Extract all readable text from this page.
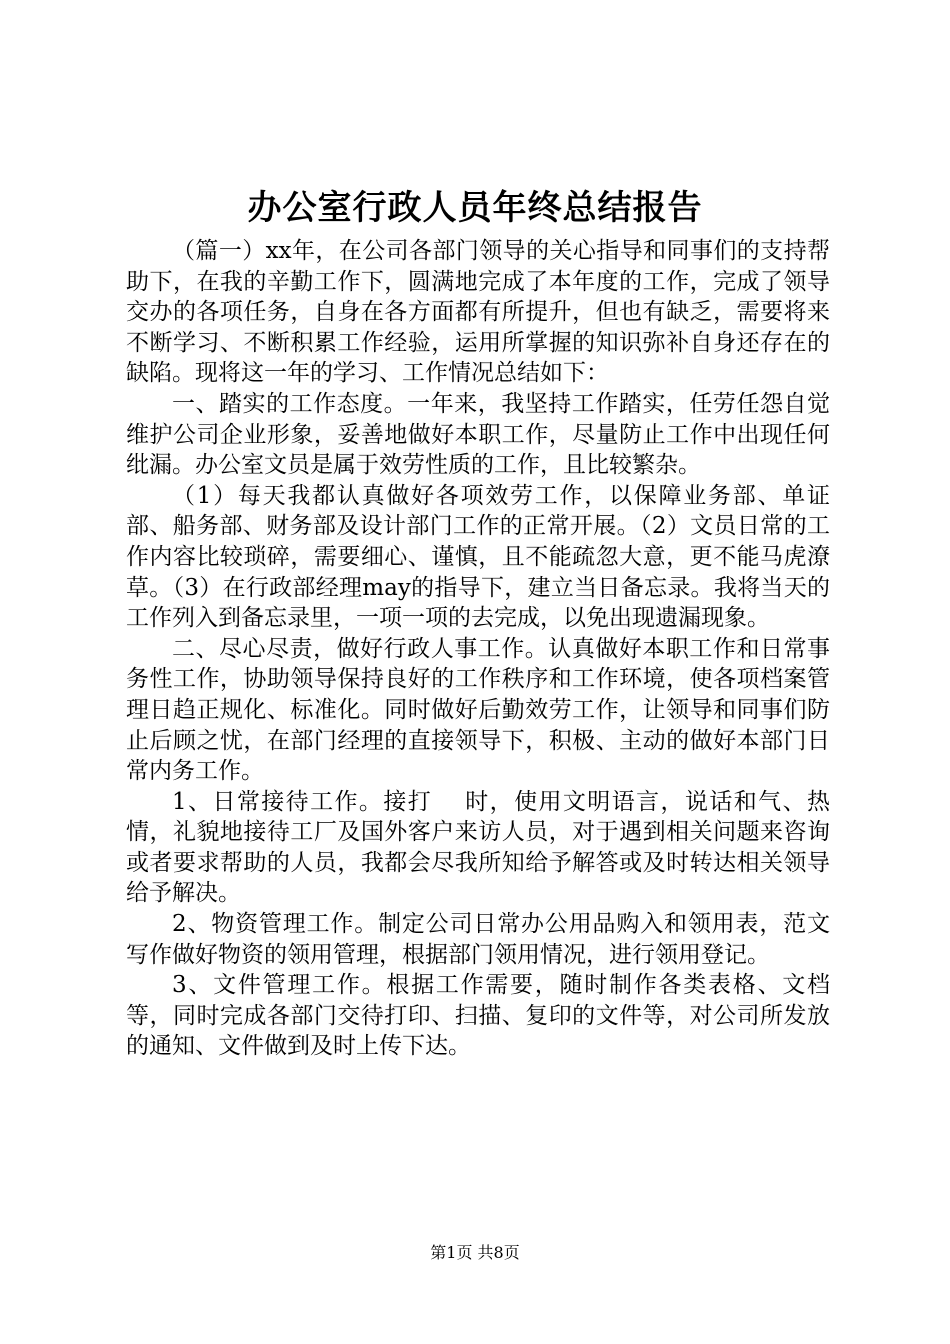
办公室行政人员年终总结报告

（篇一）xx年，在公司各部门领导的关心指导和同事们的支持帮助下，在我的辛勤工作下，圆满地完成了本年度的工作，完成了领导交办的各项任务，自身在各方面都有所提升，但也有缺乏，需要将来不断学习、不断积累工作经验，运用所掌握的知识弥补自身还存在的缺陷。现将这一年的学习、工作情况总结如下：

一、踏实的工作态度。一年来，我坚持工作踏实，任劳任怨自觉维护公司企业形象，妥善地做好本职工作，尽量防止工作中出现任何纰漏。办公室文员是属于效劳性质的工作，且比较繁杂。

（1）每天我都认真做好各项效劳工作，以保障业务部、单证部、船务部、财务部及设计部门工作的正常开展。（2）文员日常的工作内容比较琐碎，需要细心、谨慎，且不能疏忽大意，更不能马虎潦草。（3）在行政部经理may的指导下，建立当日备忘录。我将当天的工作列入到备忘录里，一项一项的去完成，以免出现遗漏现象。

二、尽心尽责，做好行政人事工作。认真做好本职工作和日常事务性工作，协助领导保持良好的工作秩序和工作环境，使各项档案管理日趋正规化、标准化。同时做好后勤效劳工作，让领导和同事们防止后顾之忧，在部门经理的直接领导下，积极、主动的做好本部门日常内务工作。

1、日常接待工作。接打　 时，使用文明语言，说话和气、热情，礼貌地接待工厂及国外客户来访人员，对于遇到相关问题来咨询或者要求帮助的人员，我都会尽我所知给予解答或及时转达相关领导给予解决。

2、物资管理工作。制定公司日常办公用品购入和领用表，范文写作做好物资的领用管理，根据部门领用情况，进行领用登记。

3、文件管理工作。根据工作需要，随时制作各类表格、文档等，同时完成各部门交待打印、扫描、复印的文件等，对公司所发放的通知、文件做到及时上传下达。

第1页 共8页
